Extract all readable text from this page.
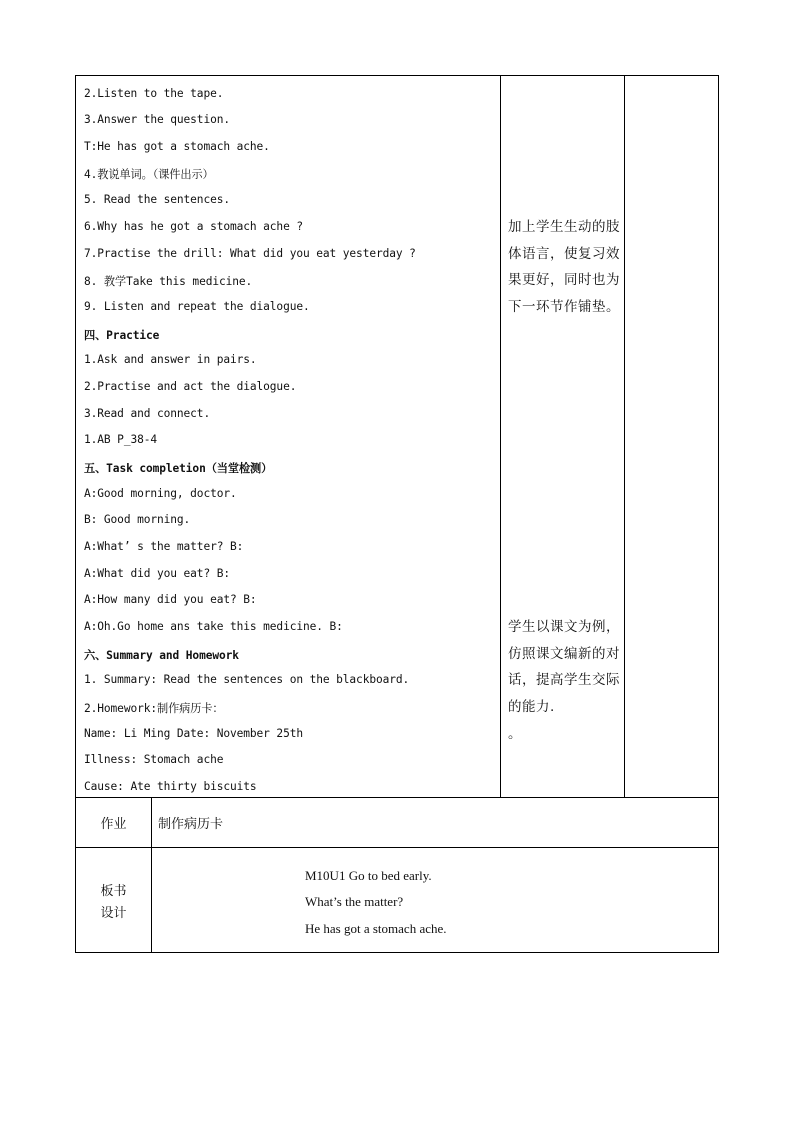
2.Listen to the tape.
3.Answer the question.
T:He has got a stomach ache.
4.教说单词。（课件出示）
5. Read the sentences.
6.Why has he got a stomach ache ?
7.Practise the drill: What did you eat yesterday ?
8. 教学Take this medicine.
9. Listen and repeat the dialogue.
四、Practice
1.Ask and answer in pairs.
2.Practise and act the dialogue.
3.Read and connect.
1.AB P_38-4
五、Task completion（当堂检测）
A:Good morning, doctor.
B: Good morning.
A:What’ s the matter? B:
A:What did you eat? B:
A:How many did you eat? B:
A:Oh.Go home ans take this medicine. B:
六、Summary and Homework
1. Summary: Read the sentences on the blackboard.
2.Homework:制作病历卡：
Name: Li Ming Date: November 25th
Illness: Stomach ache
Cause: Ate thirty biscuits
加上学生生动的肢体语言，使复习效果更好，同时也为下一环节作铺垫。
学生以课文为例，仿照课文编新的对话，提高学生交际的能力.
。
作业	制作病历卡
板书
设计
M10U1 Go to bed early.
What’s the matter?
He has got a stomach ache.
